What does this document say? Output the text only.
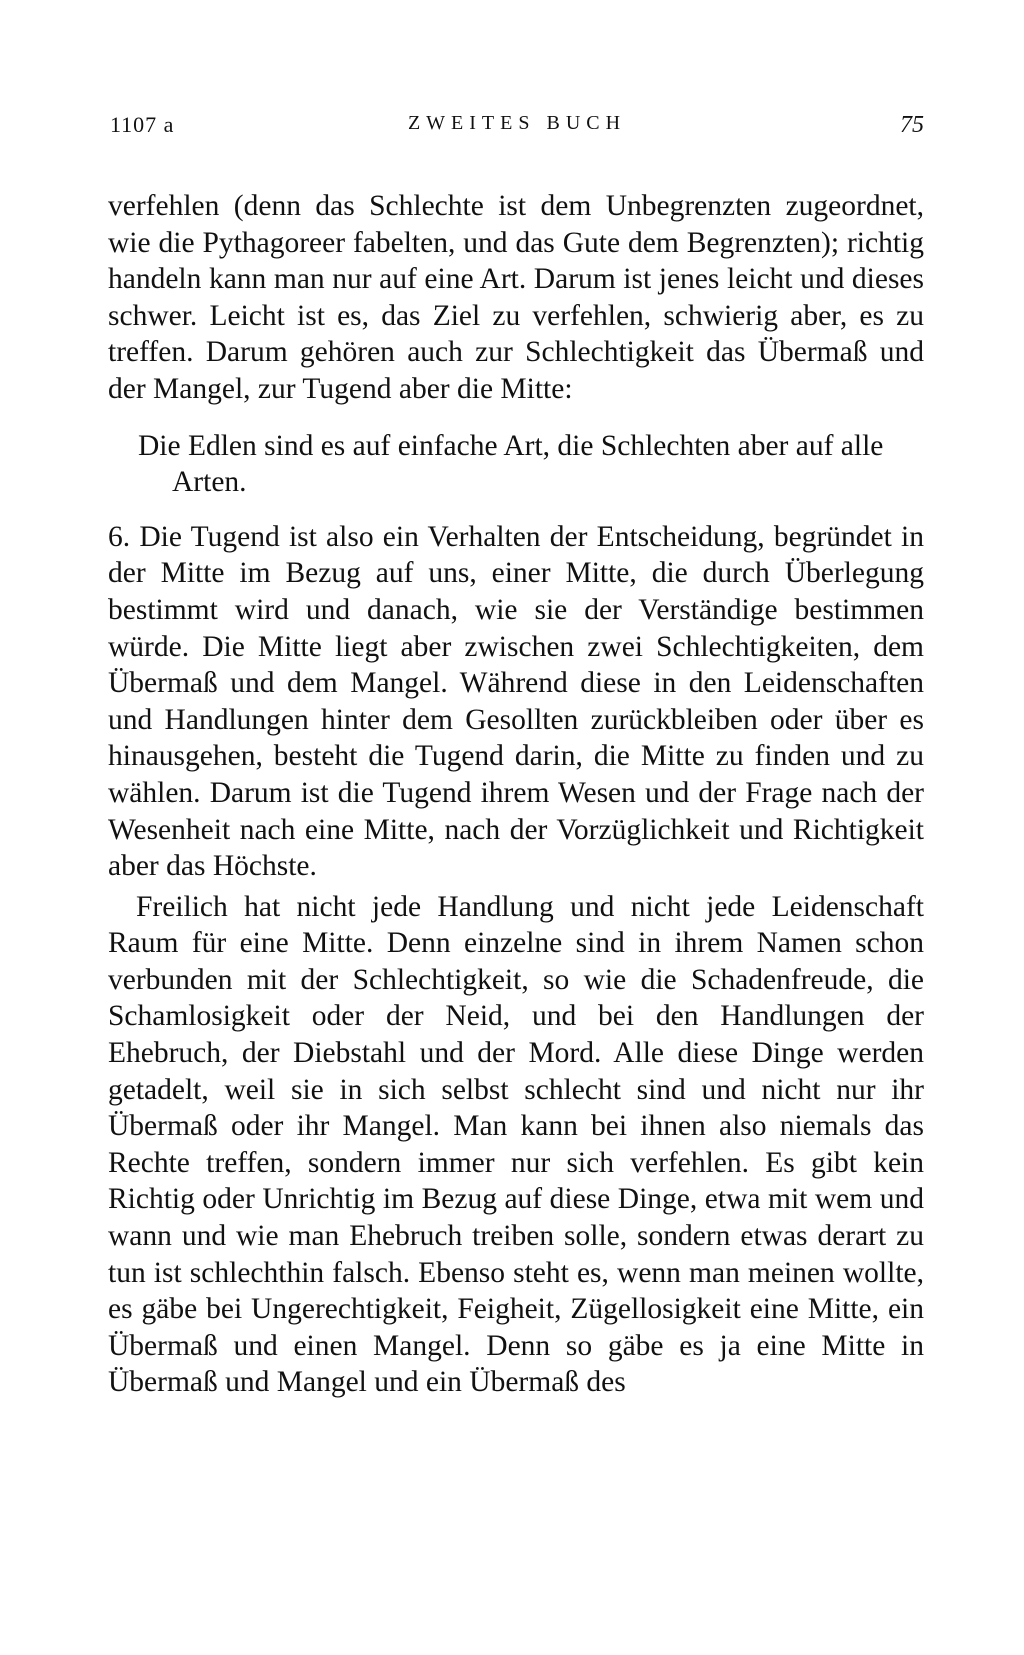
1107 a	ZWEITES BUCH	75

verfehlen (denn das Schlechte ist dem Unbegrenzten zugeordnet, wie die Pythagoreer fabelten, und das Gute dem Begrenzten); richtig handeln kann man nur auf eine Art. Darum ist jenes leicht und dieses schwer. Leicht ist es, das Ziel zu verfehlen, schwierig aber, es zu treffen. Darum gehören auch zur Schlechtigkeit das Übermaß und der Mangel, zur Tugend aber die Mitte:

Die Edlen sind es auf einfache Art, die Schlechten aber auf alle Arten.

6. Die Tugend ist also ein Verhalten der Entscheidung, begründet in der Mitte im Bezug auf uns, einer Mitte, die durch Überlegung bestimmt wird und danach, wie sie der Verständige bestimmen würde. Die Mitte liegt aber zwischen zwei Schlechtigkeiten, dem Übermaß und dem Mangel. Während diese in den Leidenschaften und Handlungen hinter dem Gesollten zurückbleiben oder über es hinausgehen, besteht die Tugend darin, die Mitte zu finden und zu wählen. Darum ist die Tugend ihrem Wesen und der Frage nach der Wesenheit nach eine Mitte, nach der Vorzüglichkeit und Richtigkeit aber das Höchste.

Freilich hat nicht jede Handlung und nicht jede Leidenschaft Raum für eine Mitte. Denn einzelne sind in ihrem Namen schon verbunden mit der Schlechtigkeit, so wie die Schadenfreude, die Schamlosigkeit oder der Neid, und bei den Handlungen der Ehebruch, der Diebstahl und der Mord. Alle diese Dinge werden getadelt, weil sie in sich selbst schlecht sind und nicht nur ihr Übermaß oder ihr Mangel. Man kann bei ihnen also niemals das Rechte treffen, sondern immer nur sich verfehlen. Es gibt kein Richtig oder Unrichtig im Bezug auf diese Dinge, etwa mit wem und wann und wie man Ehebruch treiben solle, sondern etwas derart zu tun ist schlechthin falsch. Ebenso steht es, wenn man meinen wollte, es gäbe bei Ungerechtigkeit, Feigheit, Zügellosigkeit eine Mitte, ein Übermaß und einen Mangel. Denn so gäbe es ja eine Mitte in Übermaß und Mangel und ein Übermaß des
